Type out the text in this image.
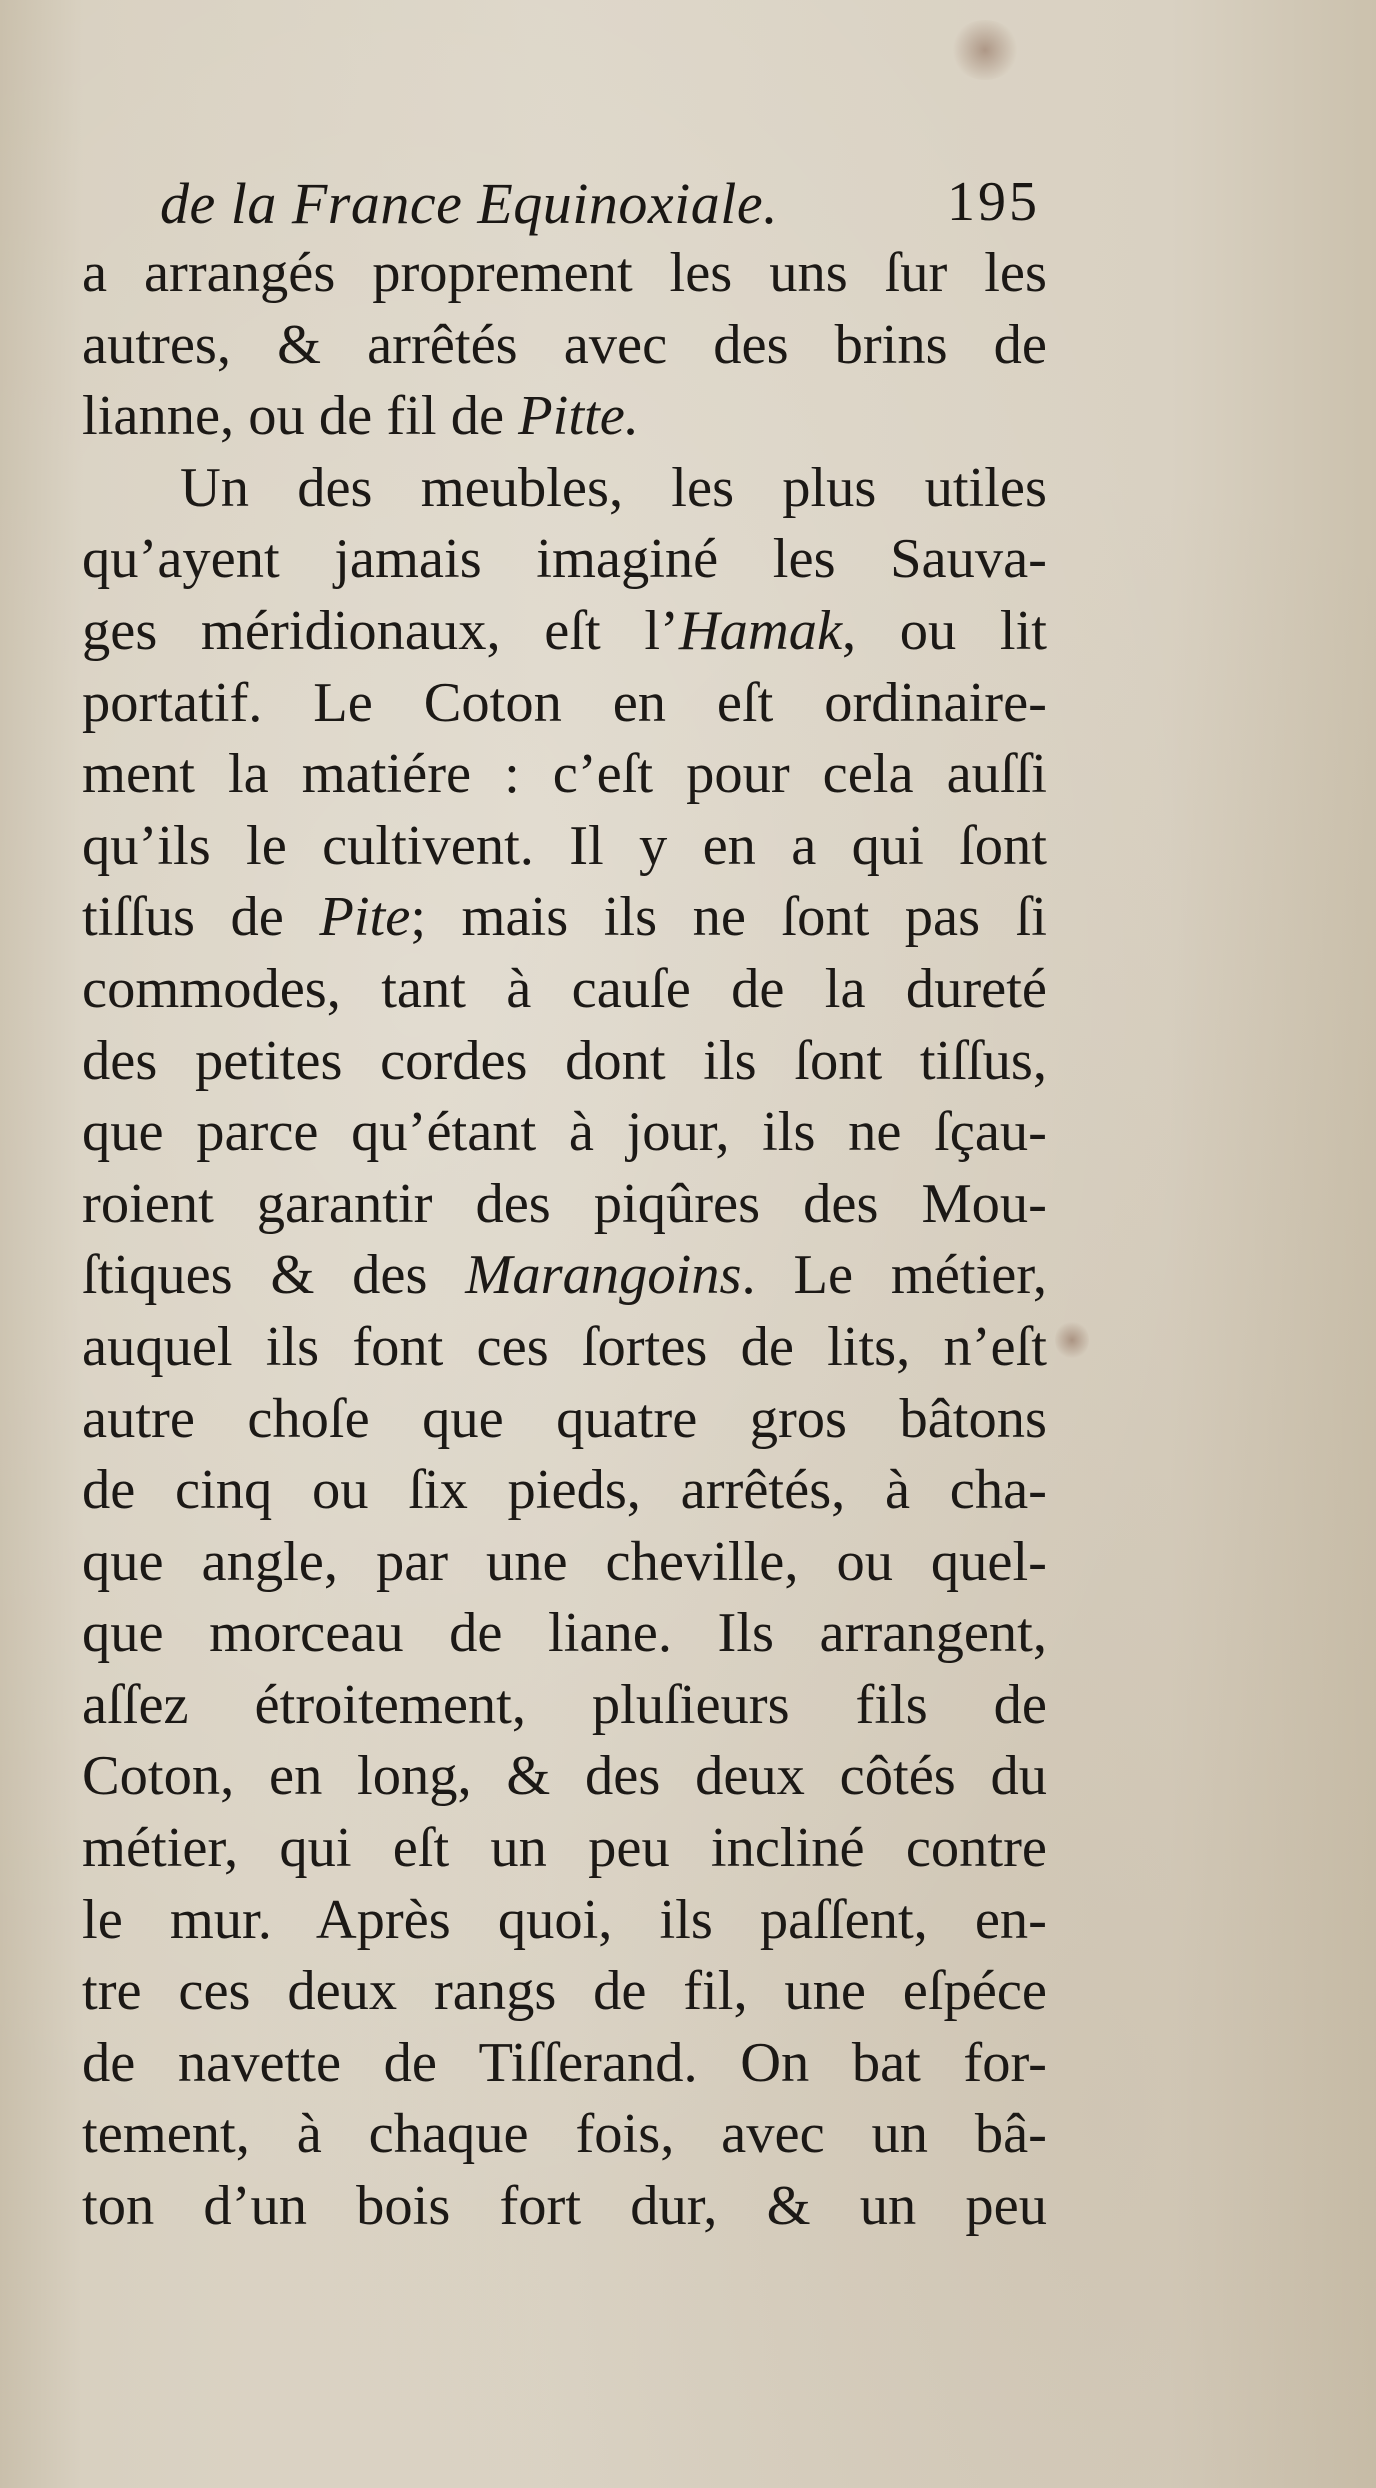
de la France Equinoxiale.	195
a arrangés proprement les uns ſur les
autres, & arrêtés avec des brins de
lianne, ou de fil de Pitte.
Un des meubles, les plus utiles
qu’ayent jamais imaginé les Sauva-
ges méridionaux, eſt l’Hamak, ou lit
portatif. Le Coton en eſt ordinaire-
ment la matiére : c’eſt pour cela auſſi
qu’ils le cultivent. Il y en a qui ſont
tiſſus de Pite; mais ils ne ſont pas ſi
commodes, tant à cauſe de la dureté
des petites cordes dont ils ſont tiſſus,
que parce qu’étant à jour, ils ne ſçau-
roient garantir des piqûres des Mou-
ſtiques & des Marangoins. Le métier,
auquel ils font ces ſortes de lits, n’eſt
autre choſe que quatre gros bâtons
de cinq ou ſix pieds, arrêtés, à cha-
que angle, par une cheville, ou quel-
que morceau de liane. Ils arrangent,
aſſez étroitement, pluſieurs fils de
Coton, en long, & des deux côtés du
métier, qui eſt un peu incliné contre
le mur. Après quoi, ils paſſent, en-
tre ces deux rangs de fil, une eſpéce
de navette de Tiſſerand. On bat for-
tement, à chaque fois, avec un bâ-
ton d’un bois fort dur, & un peu
